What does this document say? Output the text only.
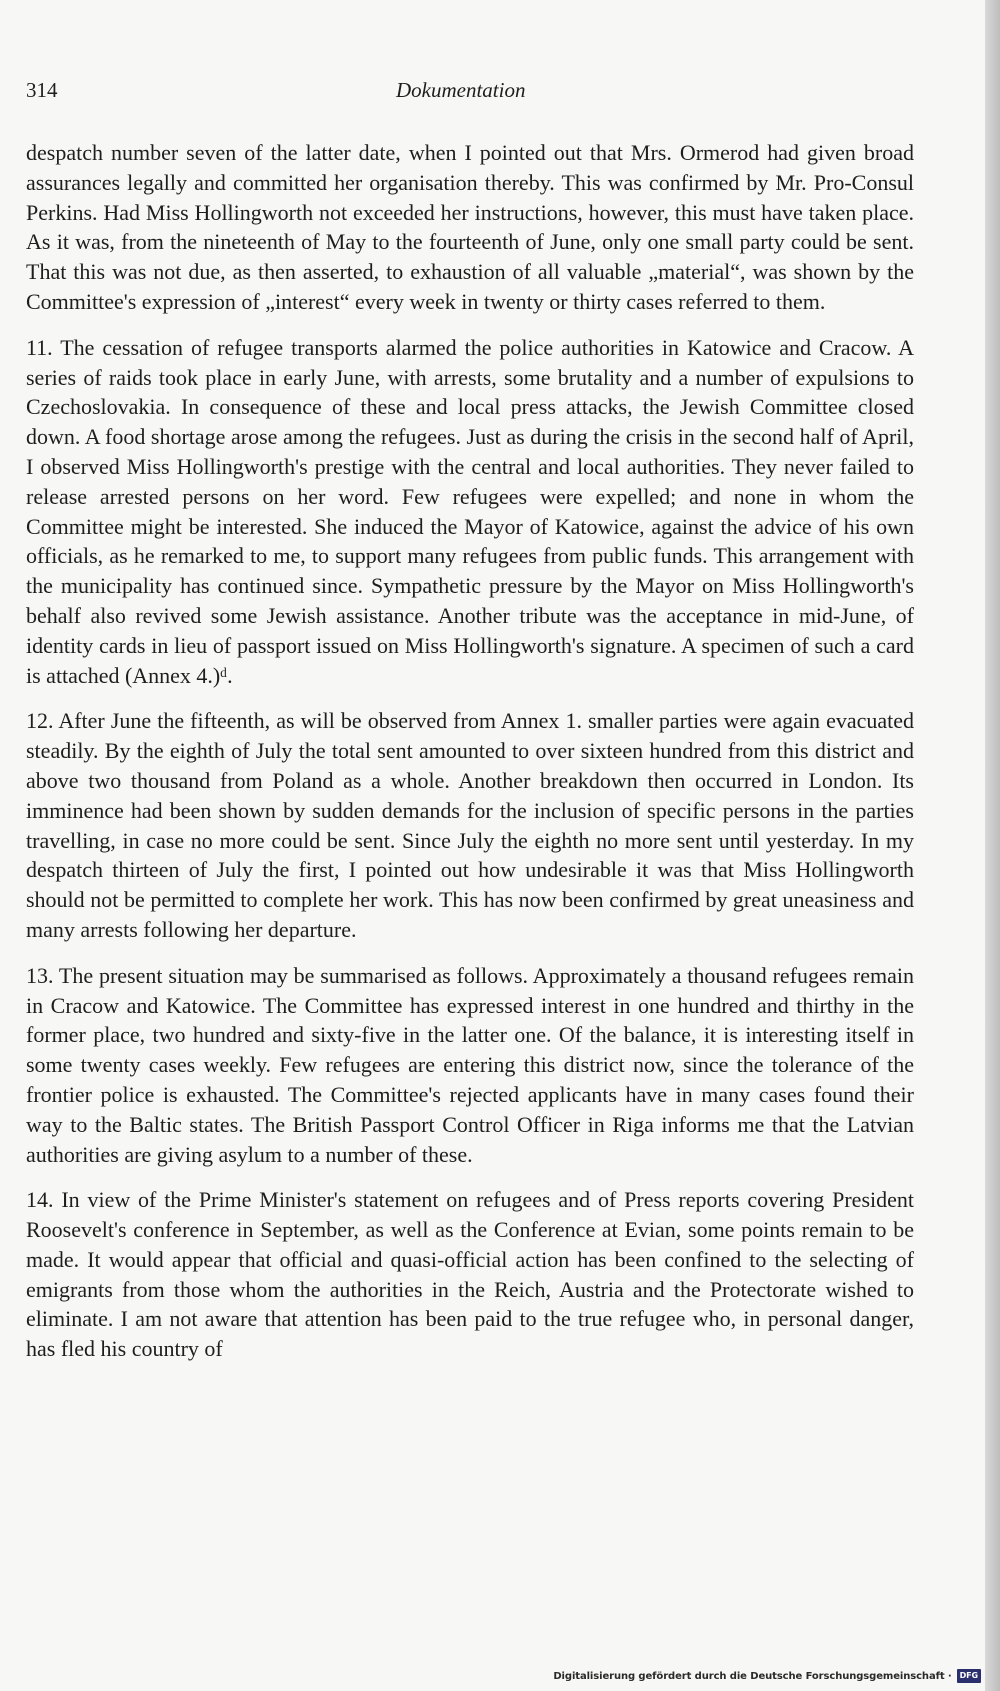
314	Dokumentation

despatch number seven of the latter date, when I pointed out that Mrs. Ormerod had given broad assurances legally and committed her organisation thereby. This was confirmed by Mr. Pro-Consul Perkins. Had Miss Hollingworth not exceeded her instructions, however, this must have taken place. As it was, from the nineteenth of May to the fourteenth of June, only one small party could be sent. That this was not due, as then asserted, to exhaustion of all valuable „material“, was shown by the Committee's expression of „interest“ every week in twenty or thirty cases referred to them.

11. The cessation of refugee transports alarmed the police authorities in Katowice and Cracow. A series of raids took place in early June, with arrests, some brutality and a number of expulsions to Czechoslovakia. In consequence of these and local press attacks, the Jewish Committee closed down. A food shortage arose among the refugees. Just as during the crisis in the second half of April, I observed Miss Hollingworth's prestige with the central and local authorities. They never failed to release arrested persons on her word. Few refugees were expelled; and none in whom the Committee might be interested. She induced the Mayor of Katowice, against the advice of his own officials, as he remarked to me, to support many refugees from public funds. This arrangement with the municipality has continued since. Sympathetic pressure by the Mayor on Miss Hollingworth's behalf also revived some Jewish assistance. Another tribute was the acceptance in mid-June, of identity cards in lieu of passport issued on Miss Hollingworth's signature. A specimen of such a card is attached (Annex 4.)ᵈ.

12. After June the fifteenth, as will be observed from Annex 1. smaller parties were again evacuated steadily. By the eighth of July the total sent amounted to over sixteen hundred from this district and above two thousand from Poland as a whole. Another breakdown then occurred in London. Its imminence had been shown by sudden demands for the inclusion of specific persons in the parties travelling, in case no more could be sent. Since July the eighth no more sent until yesterday. In my despatch thirteen of July the first, I pointed out how undesirable it was that Miss Hollingworth should not be permitted to complete her work. This has now been confirmed by great uneasiness and many arrests following her departure.

13. The present situation may be summarised as follows. Approximately a thousand refugees remain in Cracow and Katowice. The Committee has expressed interest in one hundred and thirthy in the former place, two hundred and sixty-five in the latter one. Of the balance, it is interesting itself in some twenty cases weekly. Few refugees are entering this district now, since the tolerance of the frontier police is exhausted. The Committee's rejected applicants have in many cases found their way to the Baltic states. The British Passport Control Officer in Riga informs me that the Latvian authorities are giving asylum to a number of these.

14. In view of the Prime Minister's statement on refugees and of Press reports covering President Roosevelt's conference in September, as well as the Conference at Evian, some points remain to be made. It would appear that official and quasi-official action has been confined to the selecting of emigrants from those whom the authorities in the Reich, Austria and the Protectorate wished to eliminate. I am not aware that attention has been paid to the true refugee who, in personal danger, has fled his country of

Digitalisierung gefördert durch die Deutsche Forschungsgemeinschaft ·	DFG
